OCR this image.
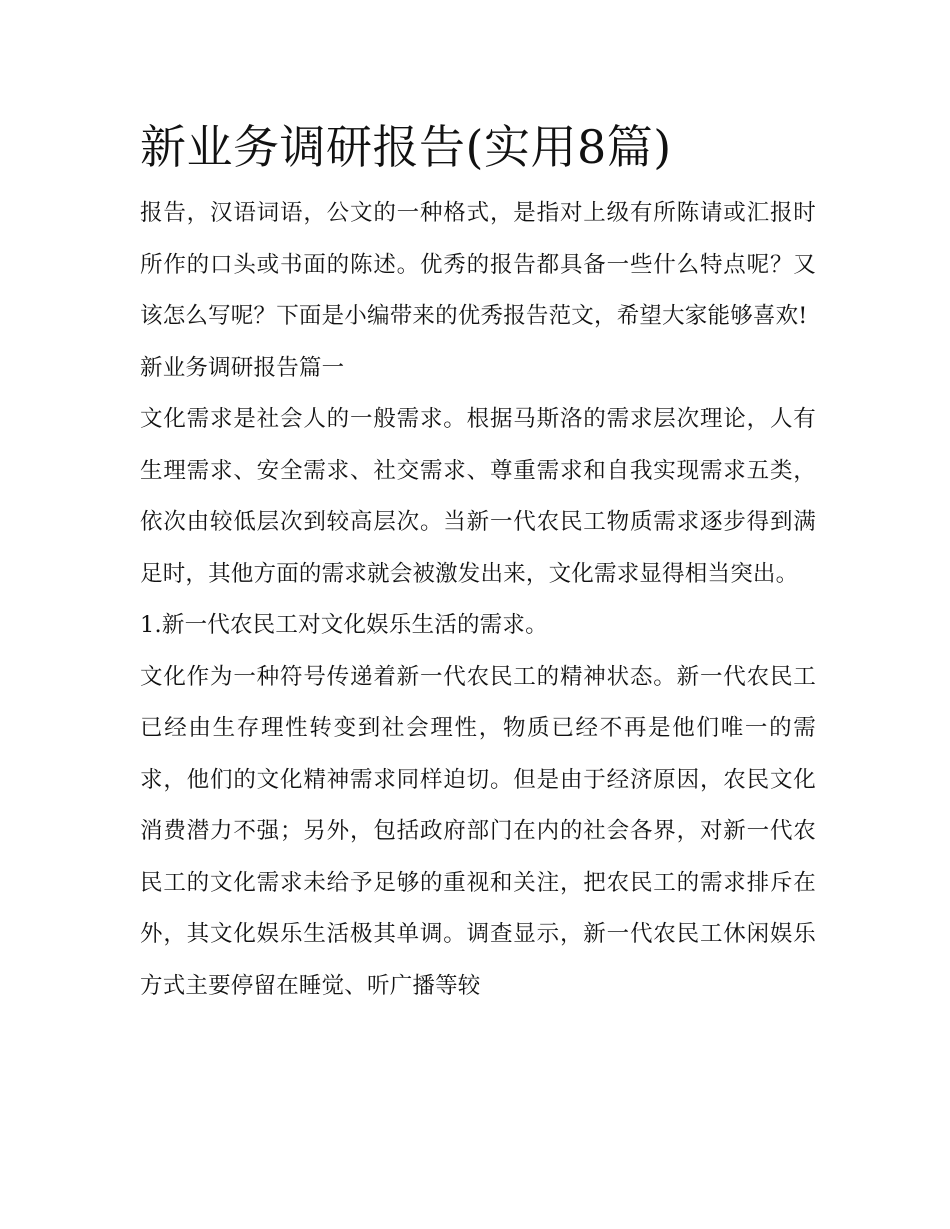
新业务调研报告(实用8篇)

报告，汉语词语，公文的一种格式，是指对上级有所陈请或汇报时所作的口头或书面的陈述。优秀的报告都具备一些什么特点呢？又该怎么写呢？下面是小编带来的优秀报告范文，希望大家能够喜欢!

新业务调研报告篇一

文化需求是社会人的一般需求。根据马斯洛的需求层次理论，人有生理需求、安全需求、社交需求、尊重需求和自我实现需求五类，依次由较低层次到较高层次。当新一代农民工物质需求逐步得到满足时，其他方面的需求就会被激发出来，文化需求显得相当突出。

1.新一代农民工对文化娱乐生活的需求。

文化作为一种符号传递着新一代农民工的精神状态。新一代农民工已经由生存理性转变到社会理性，物质已经不再是他们唯一的需求，他们的文化精神需求同样迫切。但是由于经济原因，农民文化消费潜力不强；另外，包括政府部门在内的社会各界，对新一代农民工的文化需求未给予足够的重视和关注，把农民工的需求排斥在外，其文化娱乐生活极其单调。调查显示，新一代农民工休闲娱乐方式主要停留在睡觉、听广播等较
